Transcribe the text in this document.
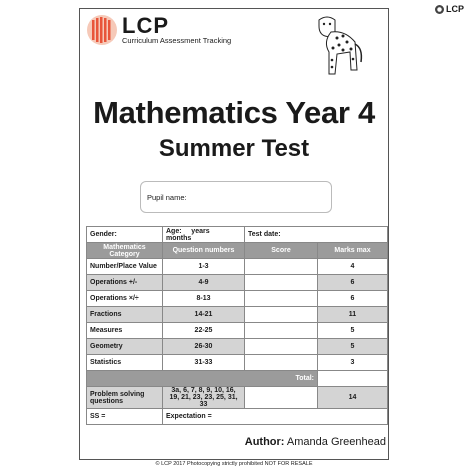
LCP
LCP
Curriculum Assessment Tracking
Mathematics Year 4
Summer Test
Pupil name:
Gender:	Age: years     months	Test date:	
Mathematics Category	Question numbers	Score	Marks max
Number/Place Value	1-3		4
Operations +/-	4-9		6
Operations ×/÷	8-13		6
Fractions	14-21		11
Measures	22-25		5
Geometry	26-30		5
Statistics	31-33		3
Total:			
Problem solving questions	3a, 6, 7, 8, 9, 10, 16, 19, 21, 23, 23, 25, 31, 33		14
SS =	Expectation =		
Author: Amanda Greenhead
© LCP 2017 Photocopying strictly prohibited NOT FOR RESALE
